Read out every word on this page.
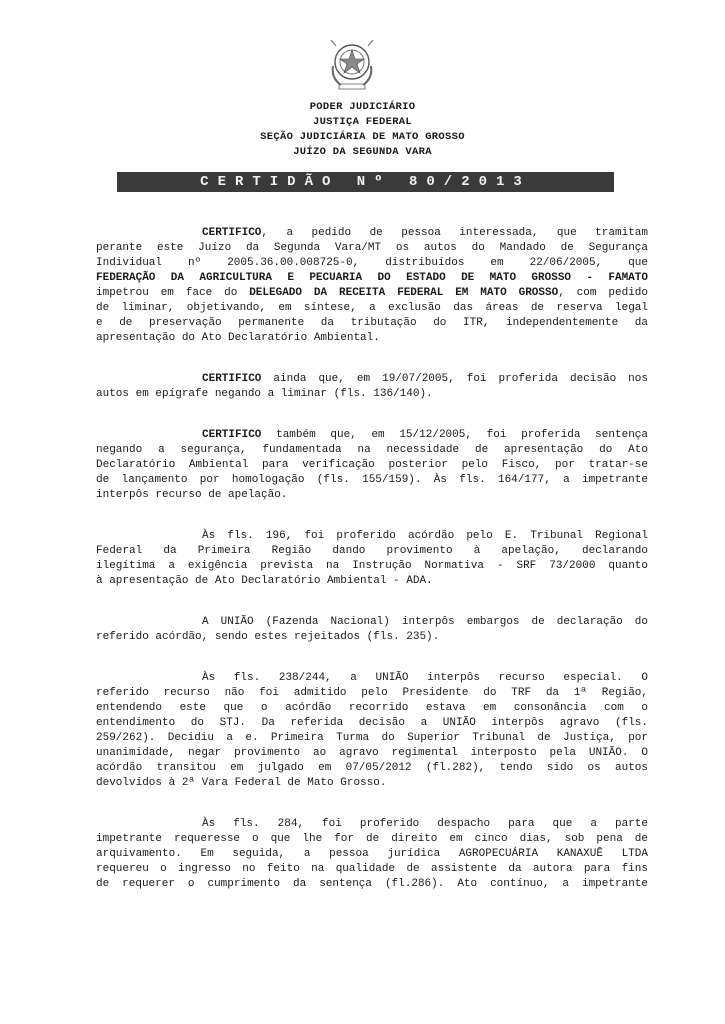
PODER JUDICIÁRIO
JUSTIÇA FEDERAL
SEÇÃO JUDICIÁRIA DE MATO GROSSO
JUÍZO DA SEGUNDA VARA
CERTIDÃO Nº 80/2013
CERTIFICO, a pedido de pessoa interessada, que tramitam
perante este Juízo da Segunda Vara/MT os autos do Mandado de Segurança
Individual nº 2005.36.00.008725-0, distribuídos em 22/06/2005, que
FEDERAÇÃO DA AGRICULTURA E PECUARIA DO ESTADO DE MATO GROSSO - FAMATO
impetrou em face do DELEGADO DA RECEITA FEDERAL EM MATO GROSSO, com pedido
de liminar, objetivando, em síntese, a exclusão das áreas de reserva legal
e de preservação permanente da tributação do ITR, independentemente da
apresentação do Ato Declaratório Ambiental.
CERTIFICO ainda que, em 19/07/2005, foi proferida decisão nos
autos em epígrafe negando a liminar (fls. 136/140).
CERTIFICO também que, em 15/12/2005, foi proferida sentença
negando a segurança, fundamentada na necessidade de apresentação do Ato
Declaratório Ambiental para verificação posterior pelo Fisco, por tratar-se
de lançamento por homologação (fls. 155/159). Às fls. 164/177, a impetrante
interpôs recurso de apelação.
Às fls. 196, foi proferido acórdão pelo E. Tribunal Regional
Federal da Primeira Região dando provimento à apelação, declarando
ilegítima a exigência prevista na Instrução Normativa - SRF 73/2000 quanto
à apresentação de Ato Declaratório Ambiental - ADA.
A UNIÃO (Fazenda Nacional) interpôs embargos de declaração do
referido acórdão, sendo estes rejeitados (fls. 235).
Às fls. 238/244, a UNIÃO interpôs recurso especial. O
referido recurso não foi admitido pelo Presidente do TRF da 1ª Região,
entendendo este que o acórdão recorrido estava em consonância com o
entendimento do STJ. Da referida decisão a UNIÃO interpôs agravo (fls.
259/262). Decidiu a e. Primeira Turma do Superior Tribunal de Justiça, por
unanimidade, negar provimento ao agravo regimental interposto pela UNIÃO. O
acórdão transitou em julgado em 07/05/2012 (fl.282), tendo sido os autos
devolvidos à 2ª Vara Federal de Mato Grosso.
Às fls. 284, foi proferido despacho para que a parte
impetrante requeresse o que lhe for de direito em cinco dias, sob pena de
arquivamento. Em seguida, a pessoa jurídica AGROPECUÁRIA KANAXUÊ LTDA
requereu o ingresso no feito na qualidade de assistente da autora para fins
de requerer o cumprimento da sentença (fl.286). Ato contínuo, a impetrante
